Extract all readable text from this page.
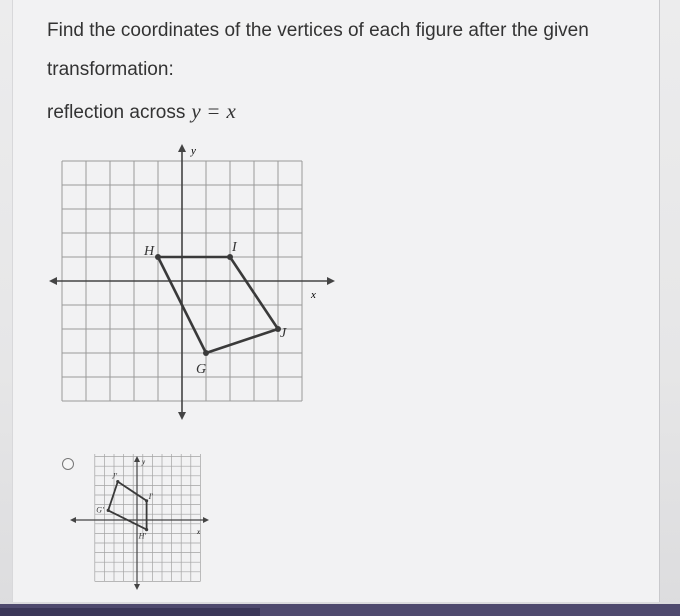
Find the coordinates of the vertices of each figure after the given
transformation:
reflection across y = x
x
y
H	I
J
G
x
y
J'
I'
H'
G'
